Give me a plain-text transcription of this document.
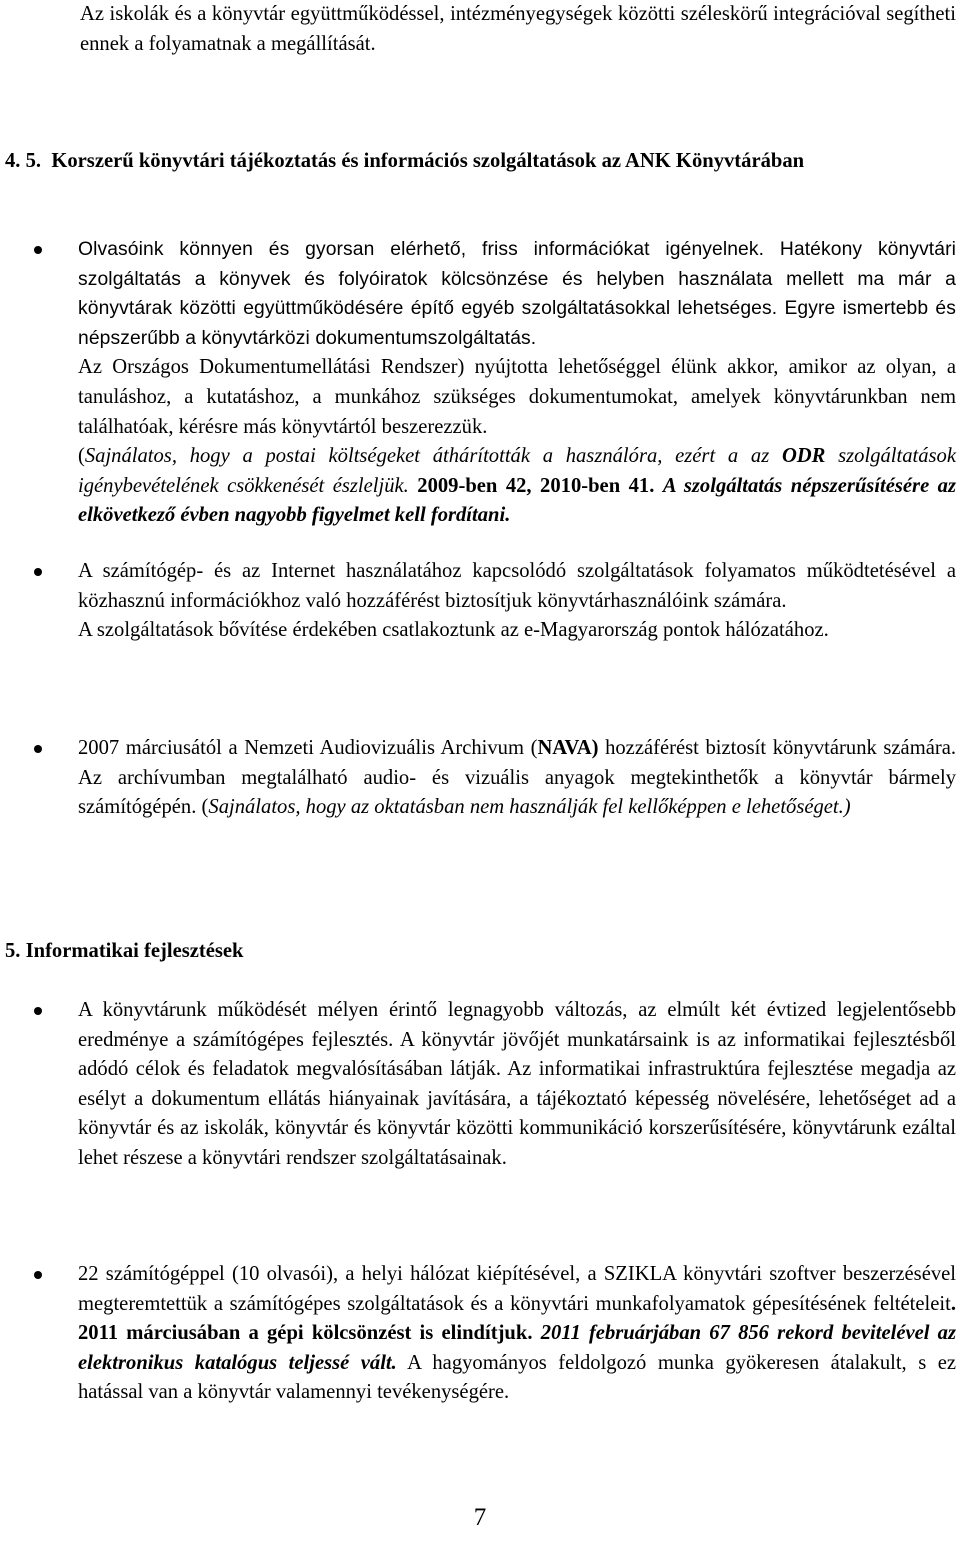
Az iskolák és a könyvtár együttműködéssel, intézményegységek közötti széleskörű integrációval segítheti ennek a folyamatnak a megállítását.

4. 5. Korszerű könyvtári tájékoztatás és információs szolgáltatások az ANK Könyvtárában

Olvasóink könnyen és gyorsan elérhető, friss információkat igényelnek. Hatékony könyvtári szolgáltatás a könyvek és folyóiratok kölcsönzése és helyben használata mellett ma már a könyvtárak közötti együttműködésére építő egyéb szolgáltatásokkal lehetséges. Egyre ismertebb és népszerűbb a könyvtárközi dokumentumszolgáltatás.
Az Országos Dokumentumellátási Rendszer) nyújtotta lehetőséggel élünk akkor, amikor az olyan, a tanuláshoz, a kutatáshoz, a munkához szükséges dokumentumokat, amelyek könyvtárunkban nem találhatóak, kérésre más könyvtártól beszerezzük.
(Sajnálatos, hogy a postai költségeket áthárították a használóra, ezért a az ODR szolgáltatások igénybevételének csökkenését észleljük. 2009-ben 42, 2010-ben 41. A szolgáltatás népszerűsítésére az elkövetkező évben nagyobb figyelmet kell fordítani.
A számítógép- és az Internet használatához kapcsolódó szolgáltatások folyamatos működtetésével a közhasznú információkhoz való hozzáférést biztosítjuk könyvtárhasználóink számára.
A szolgáltatások bővítése érdekében csatlakoztunk az e-Magyarország pontok hálózatához.
2007 márciusától a Nemzeti Audiovizuális Archivum (NAVA) hozzáférést biztosít könyvtárunk számára. Az archívumban megtalálható audio- és vizuális anyagok megtekinthetők a könyvtár bármely számítógépén. (Sajnálatos, hogy az oktatásban nem használják fel kellőképpen e lehetőséget.)

5. Informatikai fejlesztések

A könyvtárunk működését mélyen érintő legnagyobb változás, az elmúlt két évtized legjelentősebb eredménye a számítógépes fejlesztés. A könyvtár jövőjét munkatársaink is az informatikai fejlesztésből adódó célok és feladatok megvalósításában látják. Az informatikai infrastruktúra fejlesztése megadja az esélyt a dokumentum ellátás hiányainak javítására, a tájékoztató képesség növelésére, lehetőséget ad a könyvtár és az iskolák, könyvtár és könyvtár közötti kommunikáció korszerűsítésére, könyvtárunk ezáltal lehet részese a könyvtári rendszer szolgáltatásainak.
22 számítógéppel (10 olvasói), a helyi hálózat kiépítésével, a SZIKLA könyvtári szoftver beszerzésével megteremtettük a számítógépes szolgáltatások és a könyvtári munkafolyamatok gépesítésének feltételeit. 2011 márciusában a gépi kölcsönzést is elindítjuk. 2011 februárjában 67 856 rekord bevitelével az elektronikus katalógus teljessé vált. A hagyományos feldolgozó munka gyökeresen átalakult, s ez hatással van a könyvtár valamennyi tevékenységére.
7
